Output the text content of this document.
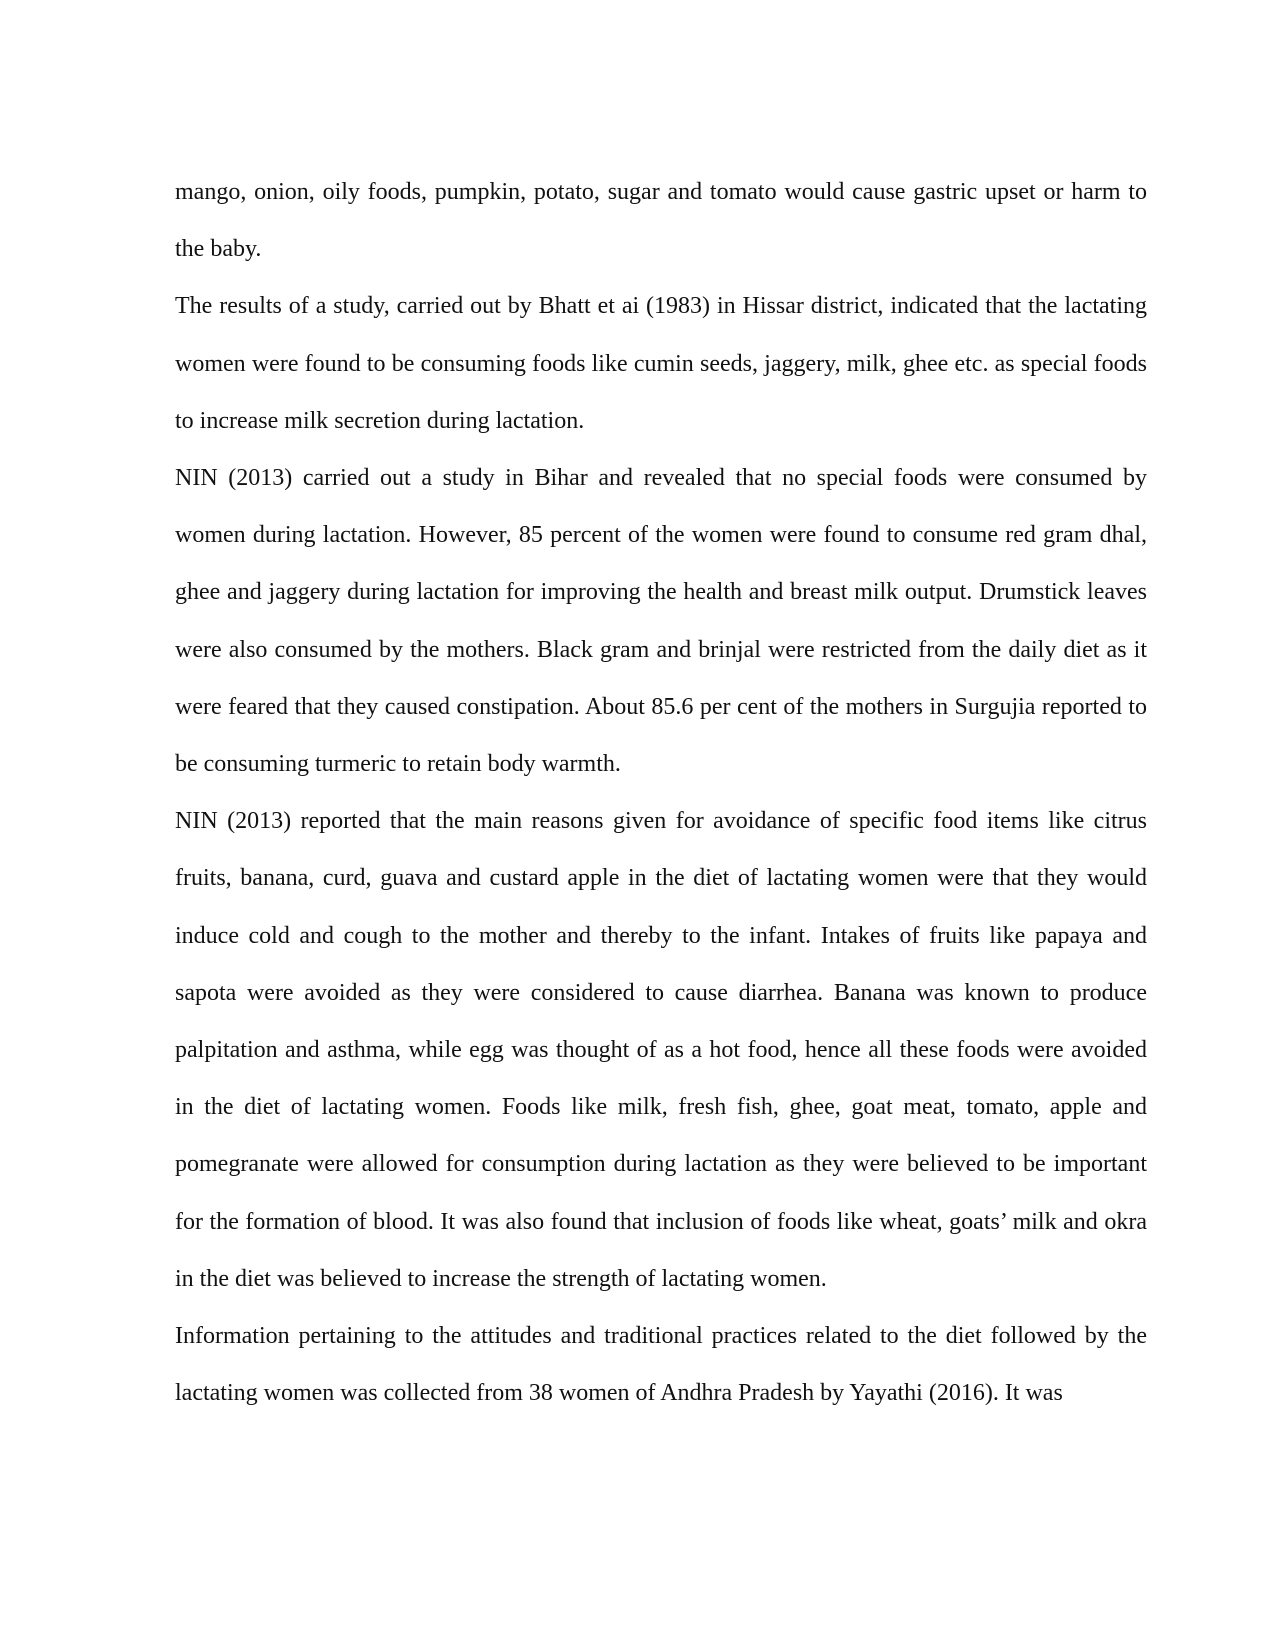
mango, onion, oily foods, pumpkin, potato, sugar and tomato would cause gastric upset or harm to the baby.

The results of a study, carried out by Bhatt et ai (1983) in Hissar district, indicated that the lactating women were found to be consuming foods like cumin seeds, jaggery, milk, ghee etc. as special foods to increase milk secretion during lactation.

NIN (2013) carried out a study in Bihar and revealed that no special foods were consumed by women during lactation. However, 85 percent of the women were found to consume red gram dhal, ghee and jaggery during lactation for improving the health and breast milk output. Drumstick leaves were also consumed by the mothers. Black gram and brinjal were restricted from the daily diet as it were feared that they caused constipation. About 85.6 per cent of the mothers in Surgujia reported to be consuming turmeric to retain body warmth.

NIN (2013) reported that the main reasons given for avoidance of specific food items like citrus fruits, banana, curd, guava and custard apple in the diet of lactating women were that they would induce cold and cough to the mother and thereby to the infant. Intakes of fruits like papaya and sapota were avoided as they were considered to cause diarrhea. Banana was known to produce palpitation and asthma, while egg was thought of as a hot food, hence all these foods were avoided in the diet of lactating women. Foods like milk, fresh fish, ghee, goat meat, tomato, apple and pomegranate were allowed for consumption during lactation as they were believed to be important for the formation of blood. It was also found that inclusion of foods like wheat, goats’ milk and okra in the diet was believed to increase the strength of lactating women.

Information pertaining to the attitudes and traditional practices related to the diet followed by the lactating women was collected from 38 women of Andhra Pradesh by Yayathi (2016). It was
